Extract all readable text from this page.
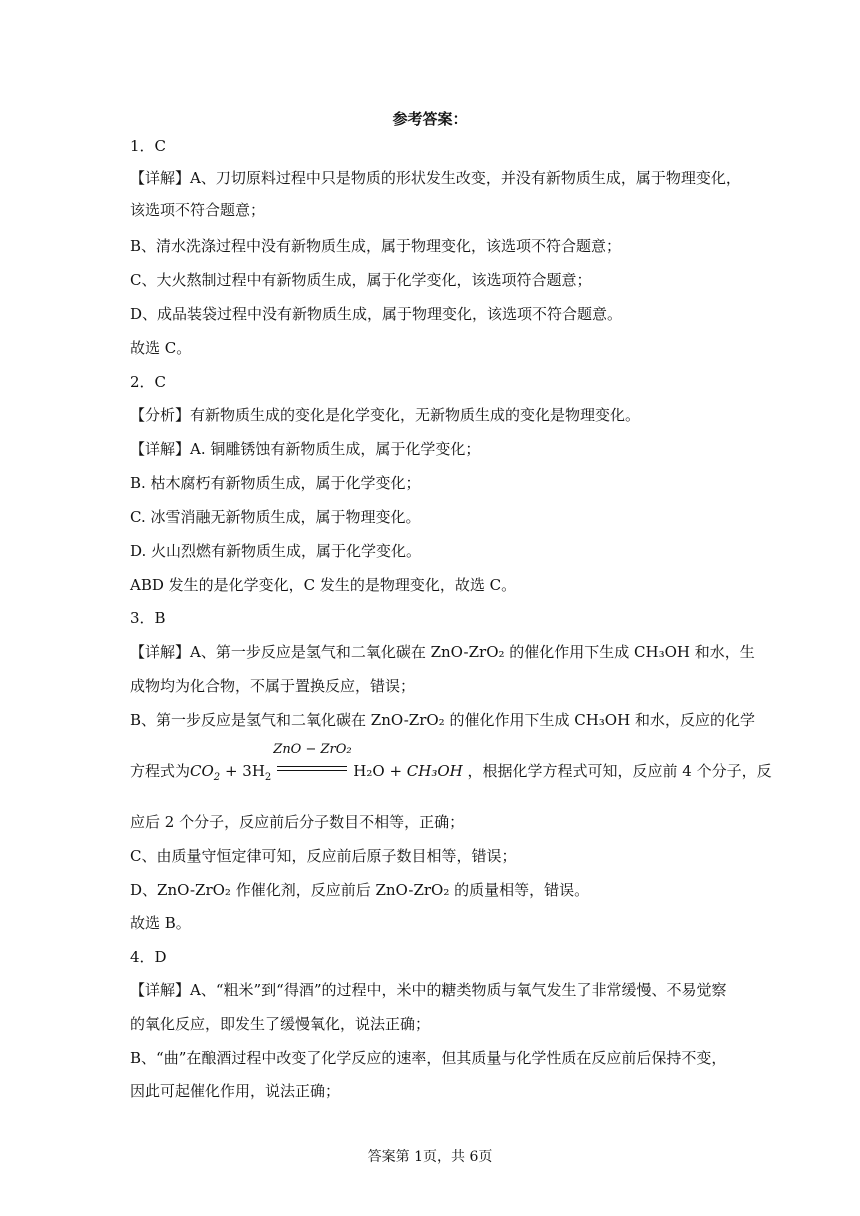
参考答案：
1．C
【详解】A、刀切原料过程中只是物质的形状发生改变，并没有新物质生成，属于物理变化，
该选项不符合题意；
B、清水洗涤过程中没有新物质生成，属于物理变化，该选项不符合题意；
C、大火熬制过程中有新物质生成，属于化学变化，该选项符合题意；
D、成品装袋过程中没有新物质生成，属于物理变化，该选项不符合题意。
故选 C。
2．C
【分析】有新物质生成的变化是化学变化，无新物质生成的变化是物理变化。
【详解】A. 铜雕锈蚀有新物质生成，属于化学变化；
B. 枯木腐朽有新物质生成，属于化学变化；
C. 冰雪消融无新物质生成，属于物理变化。
D. 火山烈燃有新物质生成，属于化学变化。
ABD 发生的是化学变化，C 发生的是物理变化，故选 C。
3．B
【详解】A、第一步反应是氢气和二氧化碳在 ZnO-ZrO₂ 的催化作用下生成 CH₃OH 和水，生
成物均为化合物，不属于置换反应，错误；
B、第一步反应是氢气和二氧化碳在 ZnO-ZrO₂ 的催化作用下生成 CH₃OH 和水，反应的化学
方程式为$CO_2 + 3H_2$
ZnO − ZrO₂
H₂O + CH₃OH ，根据化学方程式可知，反应前 4 个分子，反
应后 2 个分子，反应前后分子数目不相等，正确；
C、由质量守恒定律可知，反应前后原子数目相等，错误；
D、ZnO-ZrO₂ 作催化剂，反应前后 ZnO-ZrO₂ 的质量相等，错误。
故选 B。
4．D
【详解】A、“粗米”到“得酒”的过程中，米中的糖类物质与氧气发生了非常缓慢、不易觉察
的氧化反应，即发生了缓慢氧化，说法正确；
B、“曲”在酿酒过程中改变了化学反应的速率，但其质量与化学性质在反应前后保持不变，
因此可起催化作用，说法正确；
答案第 1页，共 6页
